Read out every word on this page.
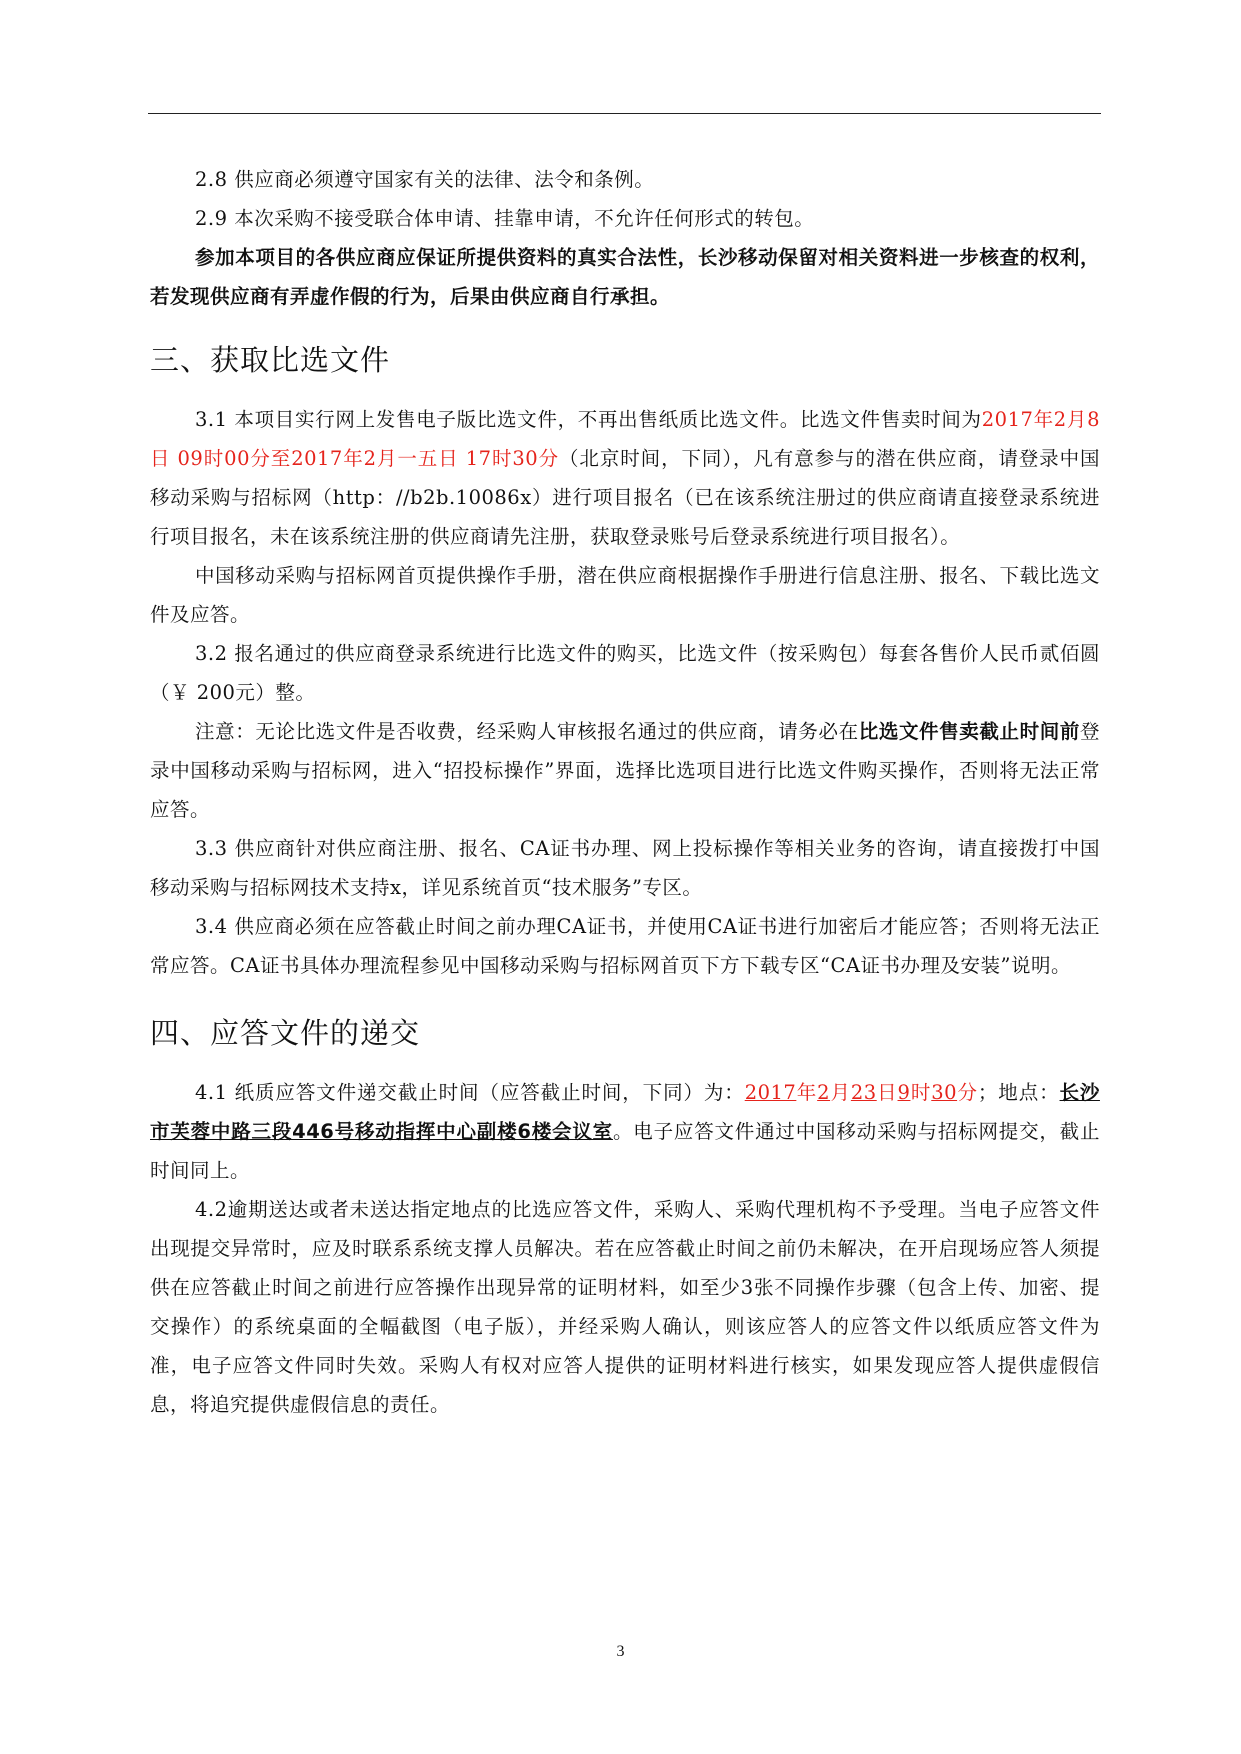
2.8 供应商必须遵守国家有关的法律、法令和条例。

2.9 本次采购不接受联合体申请、挂靠申请，不允许任何形式的转包。

参加本项目的各供应商应保证所提供资料的真实合法性，长沙移动保留对相关资料进一步核查的权利，若发现供应商有弄虚作假的行为，后果由供应商自行承担。

三、获取比选文件

3.1 本项目实行网上发售电子版比选文件，不再出售纸质比选文件。比选文件售卖时间为2017年2月8日 09时00分至2017年2月一五日 17时30分（北京时间，下同），凡有意参与的潜在供应商，请登录中国移动采购与招标网（http：//b2b.10086x）进行项目报名（已在该系统注册过的供应商请直接登录系统进行项目报名，未在该系统注册的供应商请先注册，获取登录账号后登录系统进行项目报名）。

中国移动采购与招标网首页提供操作手册，潜在供应商根据操作手册进行信息注册、报名、下载比选文件及应答。

3.2 报名通过的供应商登录系统进行比选文件的购买，比选文件（按采购包）每套各售价人民币贰佰圆（￥ 200元）整。

注意：无论比选文件是否收费，经采购人审核报名通过的供应商，请务必在比选文件售卖截止时间前登录中国移动采购与招标网，进入“招投标操作”界面，选择比选项目进行比选文件购买操作，否则将无法正常应答。

3.3 供应商针对供应商注册、报名、CA证书办理、网上投标操作等相关业务的咨询，请直接拨打中国移动采购与招标网技术支持x，详见系统首页“技术服务”专区。

3.4 供应商必须在应答截止时间之前办理CA证书，并使用CA证书进行加密后才能应答；否则将无法正常应答。CA证书具体办理流程参见中国移动采购与招标网首页下方下载专区“CA证书办理及安装”说明。

四、应答文件的递交

4.1 纸质应答文件递交截止时间（应答截止时间，下同）为：2017年2月23日9时30分；地点：长沙市芙蓉中路三段446号移动指挥中心副楼6楼会议室。电子应答文件通过中国移动采购与招标网提交，截止时间同上。

4.2逾期送达或者未送达指定地点的比选应答文件，采购人、采购代理机构不予受理。当电子应答文件出现提交异常时，应及时联系系统支撑人员解决。若在应答截止时间之前仍未解决，在开启现场应答人须提供在应答截止时间之前进行应答操作出现异常的证明材料，如至少3张不同操作步骤（包含上传、加密、提交操作）的系统桌面的全幅截图（电子版），并经采购人确认，则该应答人的应答文件以纸质应答文件为准，电子应答文件同时失效。采购人有权对应答人提供的证明材料进行核实，如果发现应答人提供虚假信息，将追究提供虚假信息的责任。

3
